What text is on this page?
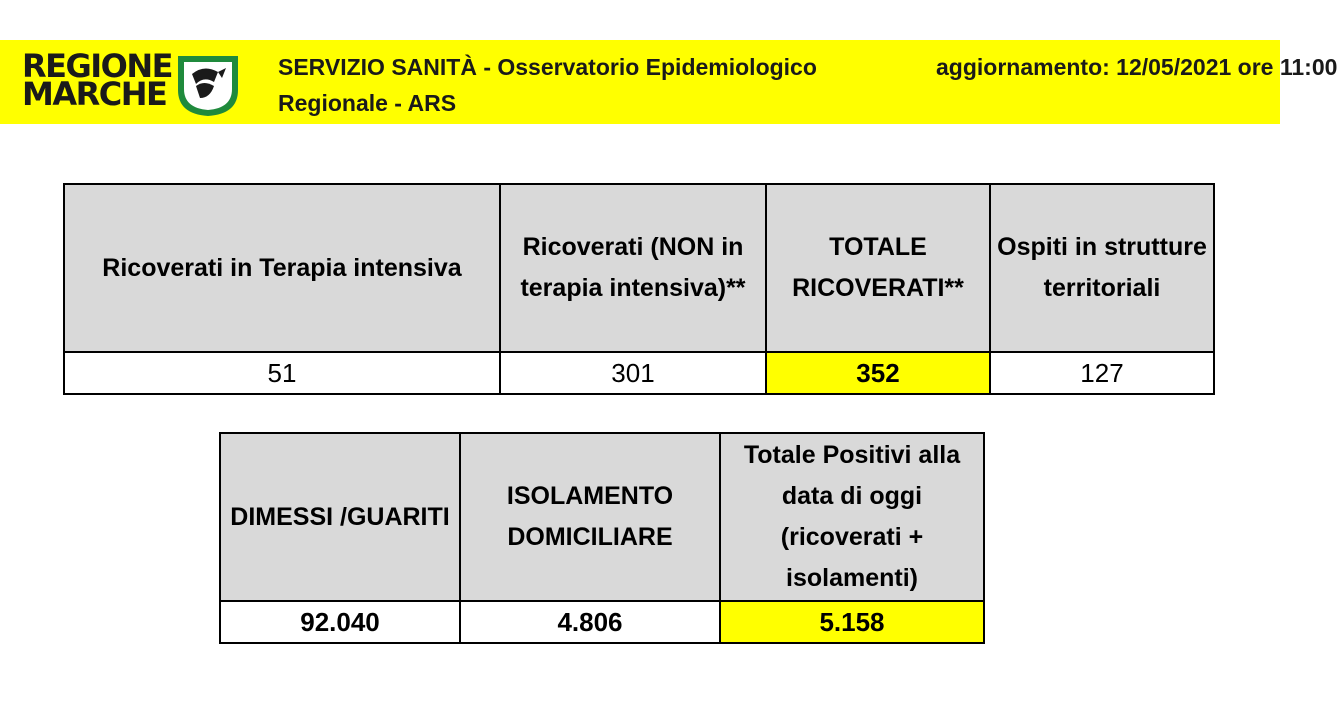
REGIONE
MARCHE
SERVIZIO SANITÀ - Osservatorio Epidemiologico Regionale - ARS
aggiornamento: 12/05/2021 ore 11:00
Ricoverati in Terapia intensiva	Ricoverati (NON in terapia intensiva)**	TOTALE RICOVERATI**	Ospiti in strutture territoriali
51	301	352	127
DIMESSI /GUARITI	ISOLAMENTO DOMICILIARE	Totale Positivi alla data di oggi (ricoverati + isolamenti)
92.040	4.806	5.158
